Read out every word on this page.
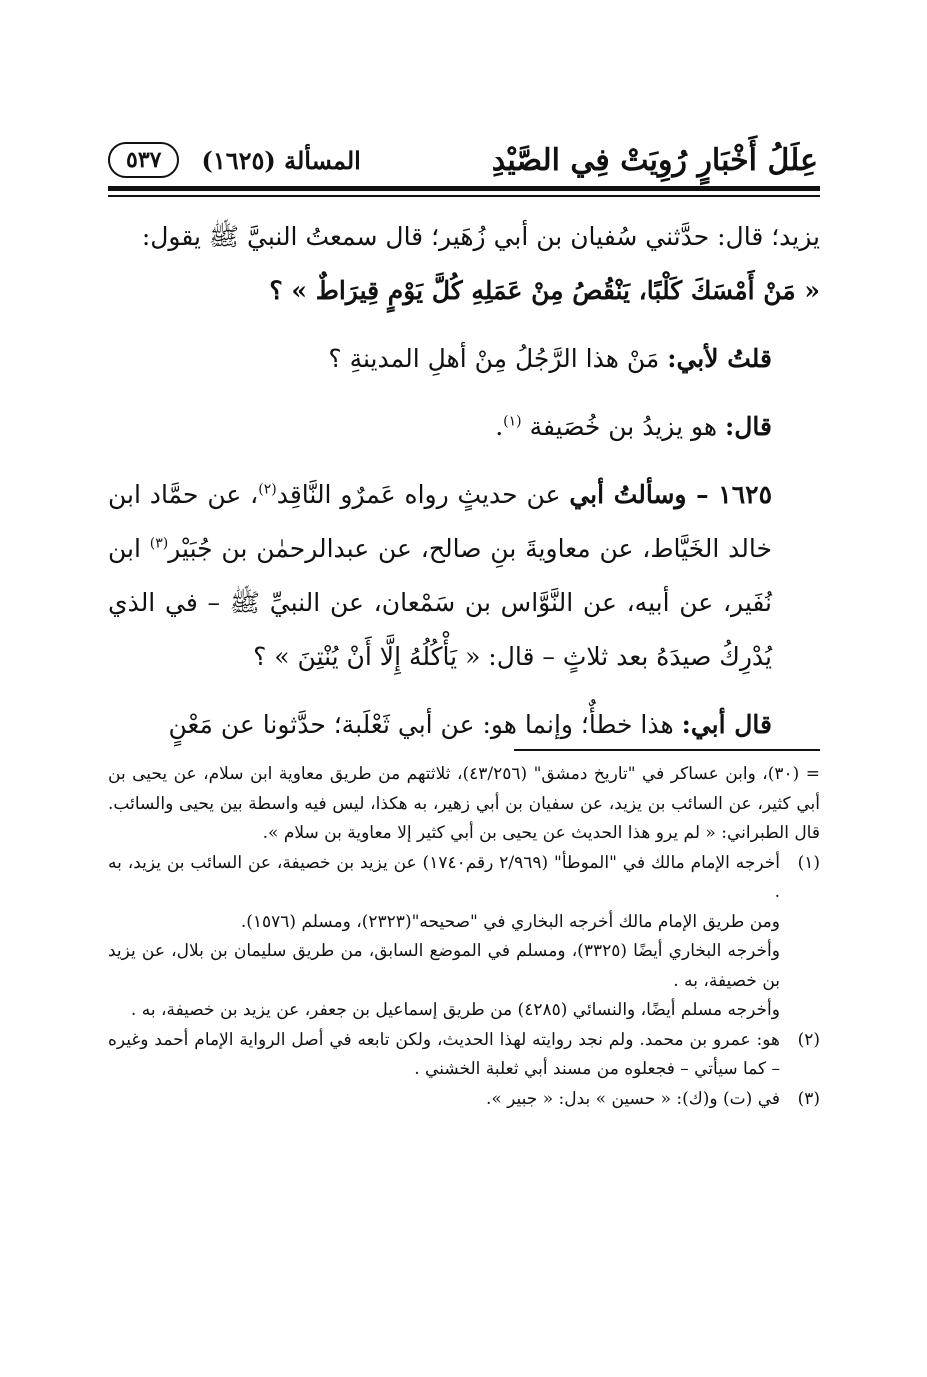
عِلَلُ أَخْبَارٍ رُوِيَتْ فِي الصَّيْدِ
المسألة (١٦٢٥)
٥٣٧

يزيد؛ قال: حدَّثني سُفيان بن أبي زُهَير؛ قال سمعتُ النبيَّ ﷺ يقول:

« مَنْ أَمْسَكَ كَلْبًا، يَنْقُصُ مِنْ عَمَلِهِ كُلَّ يَوْمٍ قِيرَاطٌ » ؟

قلتُ لأبي: مَنْ هذا الرَّجُلُ مِنْ أهلِ المدينةِ ؟

قال: هو يزيدُ بن خُصَيفة $^{(١)}$.

١٦٢٥ – وسألتُ أبي عن حديثٍ رواه عَمرٌو النَّاقِد$^{(٢)}$، عن حمَّاد ابن خالد الخَيَّاط، عن معاويةَ بنِ صالح، عن عبدالرحمٰن بن جُبَيْر$^{(٣)}$ ابن نُفَير، عن أبيه، عن النَّوَّاس بن سَمْعان، عن النبيِّ ﷺ – في الذي يُدْرِكُ صيدَهُ بعد ثلاثٍ – قال: « يَأْكُلُهُ إِلَّا أَنْ يُنْتِنَ » ؟

قال أبي: هذا خطأٌ؛ وإنما هو: عن أبي ثَعْلَبة؛ حدَّثونا عن مَعْنٍ

= (٣٠)، وابن عساكر في "تاريخ دمشق" (٤٣/٢٥٦)، ثلاثتهم من طريق معاوية ابن سلام، عن يحيى بن أبي كثير، عن السائب بن يزيد، عن سفيان بن أبي زهير، به هكذا، ليس فيه واسطة بين يحيى والسائب. قال الطبراني: « لم يرو هذا الحديث عن يحيى بن أبي كثير إلا معاوية بن سلام ».

(١)

أخرجه الإمام مالك في "الموطأ" (٢/٩٦٩ رقم١٧٤٠) عن يزيد بن خصيفة، عن السائب بن يزيد، به .

ومن طريق الإمام مالك أخرجه البخاري في "صحيحه"(٢٣٢٣)، ومسلم (١٥٧٦).

وأخرجه البخاري أيضًا (٣٣٢٥)، ومسلم في الموضع السابق، من طريق سليمان بن بلال، عن يزيد بن خصيفة، به .

وأخرجه مسلم أيضًا، والنسائي (٤٢٨٥) من طريق إسماعيل بن جعفر، عن يزيد بن خصيفة، به .

(٢)

هو: عمرو بن محمد. ولم نجد روايته لهذا الحديث، ولكن تابعه في أصل الرواية الإمام أحمد وغيره – كما سيأتي – فجعلوه من مسند أبي ثعلبة الخشني .

(٣)

في (ت) و(ك): « حسين » بدل: « جبير ».
